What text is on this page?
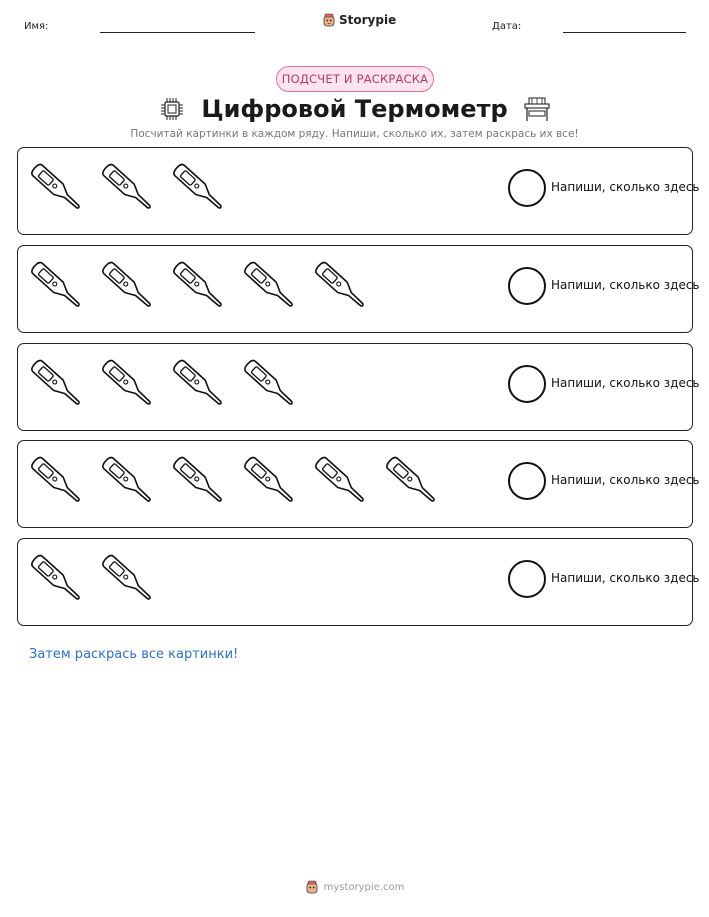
Имя:	Storypie	Дата:
ПОДСЧЕТ И РАСКРАСКА
Цифровой Термометр

Посчитай картинки в каждом ряду. Напиши, сколько их, затем раскрась их все!

Напиши, сколько здесь
Напиши, сколько здесь
Напиши, сколько здесь
Напиши, сколько здесь
Напиши, сколько здесь

Затем раскрась все картинки!

mystorypie.com
